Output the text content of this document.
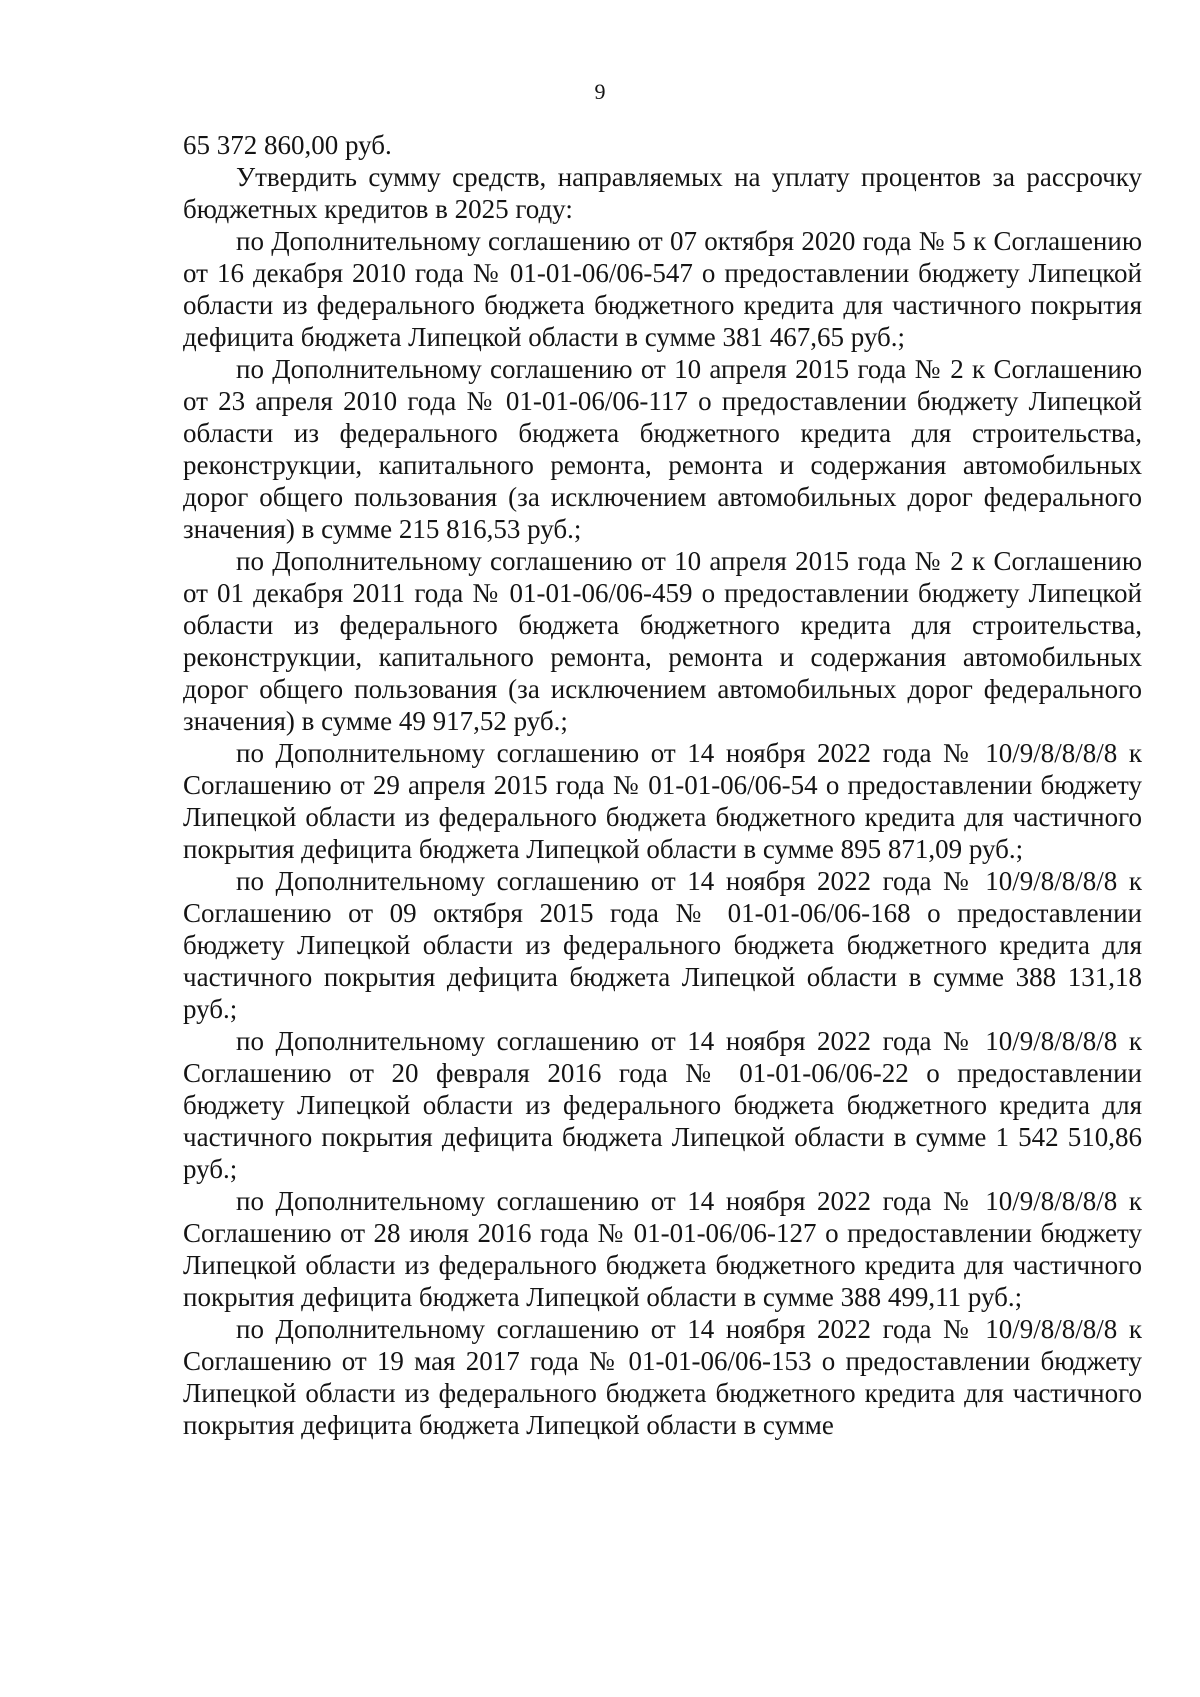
9

65 372 860,00 руб.

Утвердить сумму средств, направляемых на уплату процентов за рассрочку бюджетных кредитов в 2025 году:

по Дополнительному соглашению от 07 октября 2020 года № 5 к Соглашению от 16 декабря 2010 года № 01-01-06/06-547 о предоставлении бюджету Липецкой области из федерального бюджета бюджетного кредита для частичного покрытия дефицита бюджета Липецкой области в сумме 381 467,65 руб.;

по Дополнительному соглашению от 10 апреля 2015 года № 2 к Соглашению от 23 апреля 2010 года № 01-01-06/06-117 о предоставлении бюджету Липецкой области из федерального бюджета бюджетного кредита для строительства, реконструкции, капитального ремонта, ремонта и содержания автомобильных дорог общего пользования (за исключением автомобильных дорог федерального значения) в сумме 215 816,53 руб.;

по Дополнительному соглашению от 10 апреля 2015 года № 2 к Соглашению от 01 декабря 2011 года № 01-01-06/06-459 о предоставлении бюджету Липецкой области из федерального бюджета бюджетного кредита для строительства, реконструкции, капитального ремонта, ремонта и содержания автомобильных дорог общего пользования (за исключением автомобильных дорог федерального значения) в сумме 49 917,52 руб.;

по Дополнительному соглашению от 14 ноября 2022 года № 10/9/8/8/8/8 к Соглашению от 29 апреля 2015 года № 01-01-06/06-54 о предоставлении бюджету Липецкой области из федерального бюджета бюджетного кредита для частичного покрытия дефицита бюджета Липецкой области в сумме 895 871,09 руб.;

по Дополнительному соглашению от 14 ноября 2022 года № 10/9/8/8/8/8 к Соглашению от 09 октября 2015 года № 01-01-06/06-168 о предоставлении бюджету Липецкой области из федерального бюджета бюджетного кредита для частичного покрытия дефицита бюджета Липецкой области в сумме 388 131,18 руб.;

по Дополнительному соглашению от 14 ноября 2022 года № 10/9/8/8/8/8 к Соглашению от 20 февраля 2016 года № 01-01-06/06-22 о предоставлении бюджету Липецкой области из федерального бюджета бюджетного кредита для частичного покрытия дефицита бюджета Липецкой области в сумме 1 542 510,86 руб.;

по Дополнительному соглашению от 14 ноября 2022 года № 10/9/8/8/8/8 к Соглашению от 28 июля 2016 года № 01-01-06/06-127 о предоставлении бюджету Липецкой области из федерального бюджета бюджетного кредита для частичного покрытия дефицита бюджета Липецкой области в сумме 388 499,11 руб.;

по Дополнительному соглашению от 14 ноября 2022 года № 10/9/8/8/8/8 к Соглашению от 19 мая 2017 года № 01-01-06/06-153 о предоставлении бюджету Липецкой области из федерального бюджета бюджетного кредита для частичного покрытия дефицита бюджета Липецкой области в сумме
